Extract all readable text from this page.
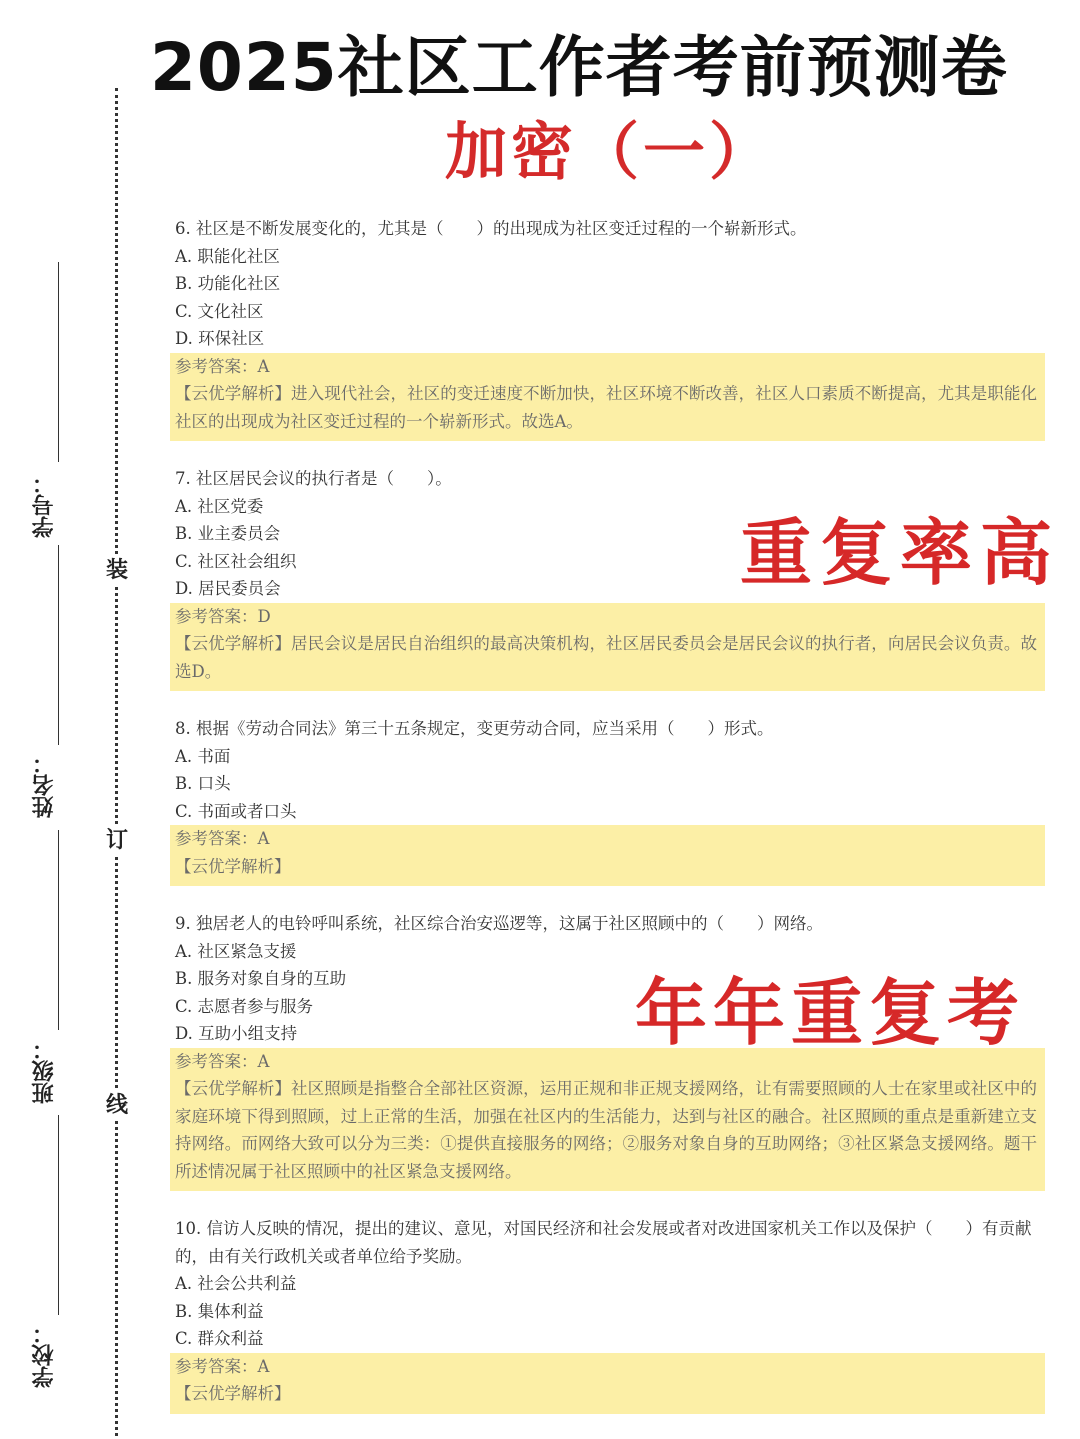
2025社区工作者考前预测卷
加密（一）
装
订
线
学号：
姓名：
班级：
学校：

6. 社区是不断发展变化的，尤其是（　　）的出现成为社区变迁过程的一个崭新形式。

A. 职能化社区

B. 功能化社区

C. 文化社区

D. 环保社区

参考答案：A

【云优学解析】进入现代社会，社区的变迁速度不断加快，社区环境不断改善，社区人口素质不断提高，尤其是职能化社区的出现成为社区变迁过程的一个崭新形式。故选A。

7. 社区居民会议的执行者是（　　）。

A. 社区党委

B. 业主委员会

C. 社区社会组织

D. 居民委员会

参考答案：D

【云优学解析】居民会议是居民自治组织的最高决策机构，社区居民委员会是居民会议的执行者，向居民会议负责。故选D。

8. 根据《劳动合同法》第三十五条规定，变更劳动合同，应当采用（　　）形式。

A. 书面

B. 口头

C. 书面或者口头

参考答案：A

【云优学解析】

9. 独居老人的电铃呼叫系统，社区综合治安巡逻等，这属于社区照顾中的（　　）网络。

A. 社区紧急支援

B. 服务对象自身的互助

C. 志愿者参与服务

D. 互助小组支持

参考答案：A

【云优学解析】社区照顾是指整合全部社区资源，运用正规和非正规支援网络，让有需要照顾的人士在家里或社区中的家庭环境下得到照顾，过上正常的生活，加强在社区内的生活能力，达到与社区的融合。社区照顾的重点是重新建立支持网络。而网络大致可以分为三类：①提供直接服务的网络；②服务对象自身的互助网络；③社区紧急支援网络。题干所述情况属于社区照顾中的社区紧急支援网络。

10. 信访人反映的情况，提出的建议、意见，对国民经济和社会发展或者对改进国家机关工作以及保护（　　）有贡献的，由有关行政机关或者单位给予奖励。

A. 社会公共利益

B. 集体利益

C. 群众利益

参考答案：A

【云优学解析】

重复率高
年年重复考
